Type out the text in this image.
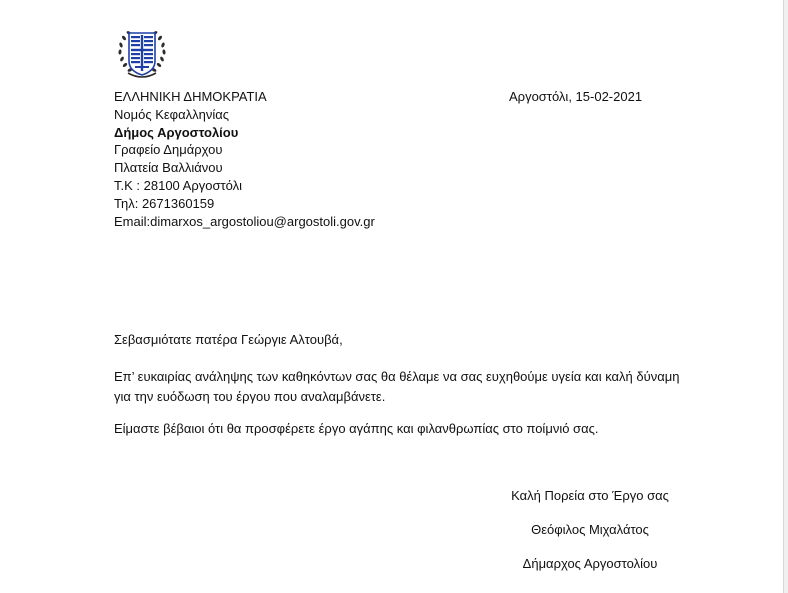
ΕΛΛΗΝΙΚΗ ΔΗΜΟΚΡΑΤΙΑ
Νομός Κεφαλληνίας
Δήμος Αργοστολίου
Γραφείο Δημάρχου
Πλατεία Βαλλιάνου
Τ.Κ : 28100 Αργοστόλι
Τηλ: 2671360159
Email:dimarxos_argostoliou@argostoli.gov.gr
Αργοστόλι, 15-02-2021
Σεβασμιότατε πατέρα Γεώργιε Αλτουβά,
Επ’ ευκαιρίας ανάληψης των καθηκόντων σας θα θέλαμε να σας ευχηθούμε υγεία και καλή δύναμη για την ευόδωση του έργου που αναλαμβάνετε.
Είμαστε βέβαιοι ότι θα προσφέρετε έργο αγάπης και φιλανθρωπίας στο ποίμνιό σας.
Καλή Πορεία στο Έργο σας
Θεόφιλος Μιχαλάτος
Δήμαρχος Αργοστολίου
